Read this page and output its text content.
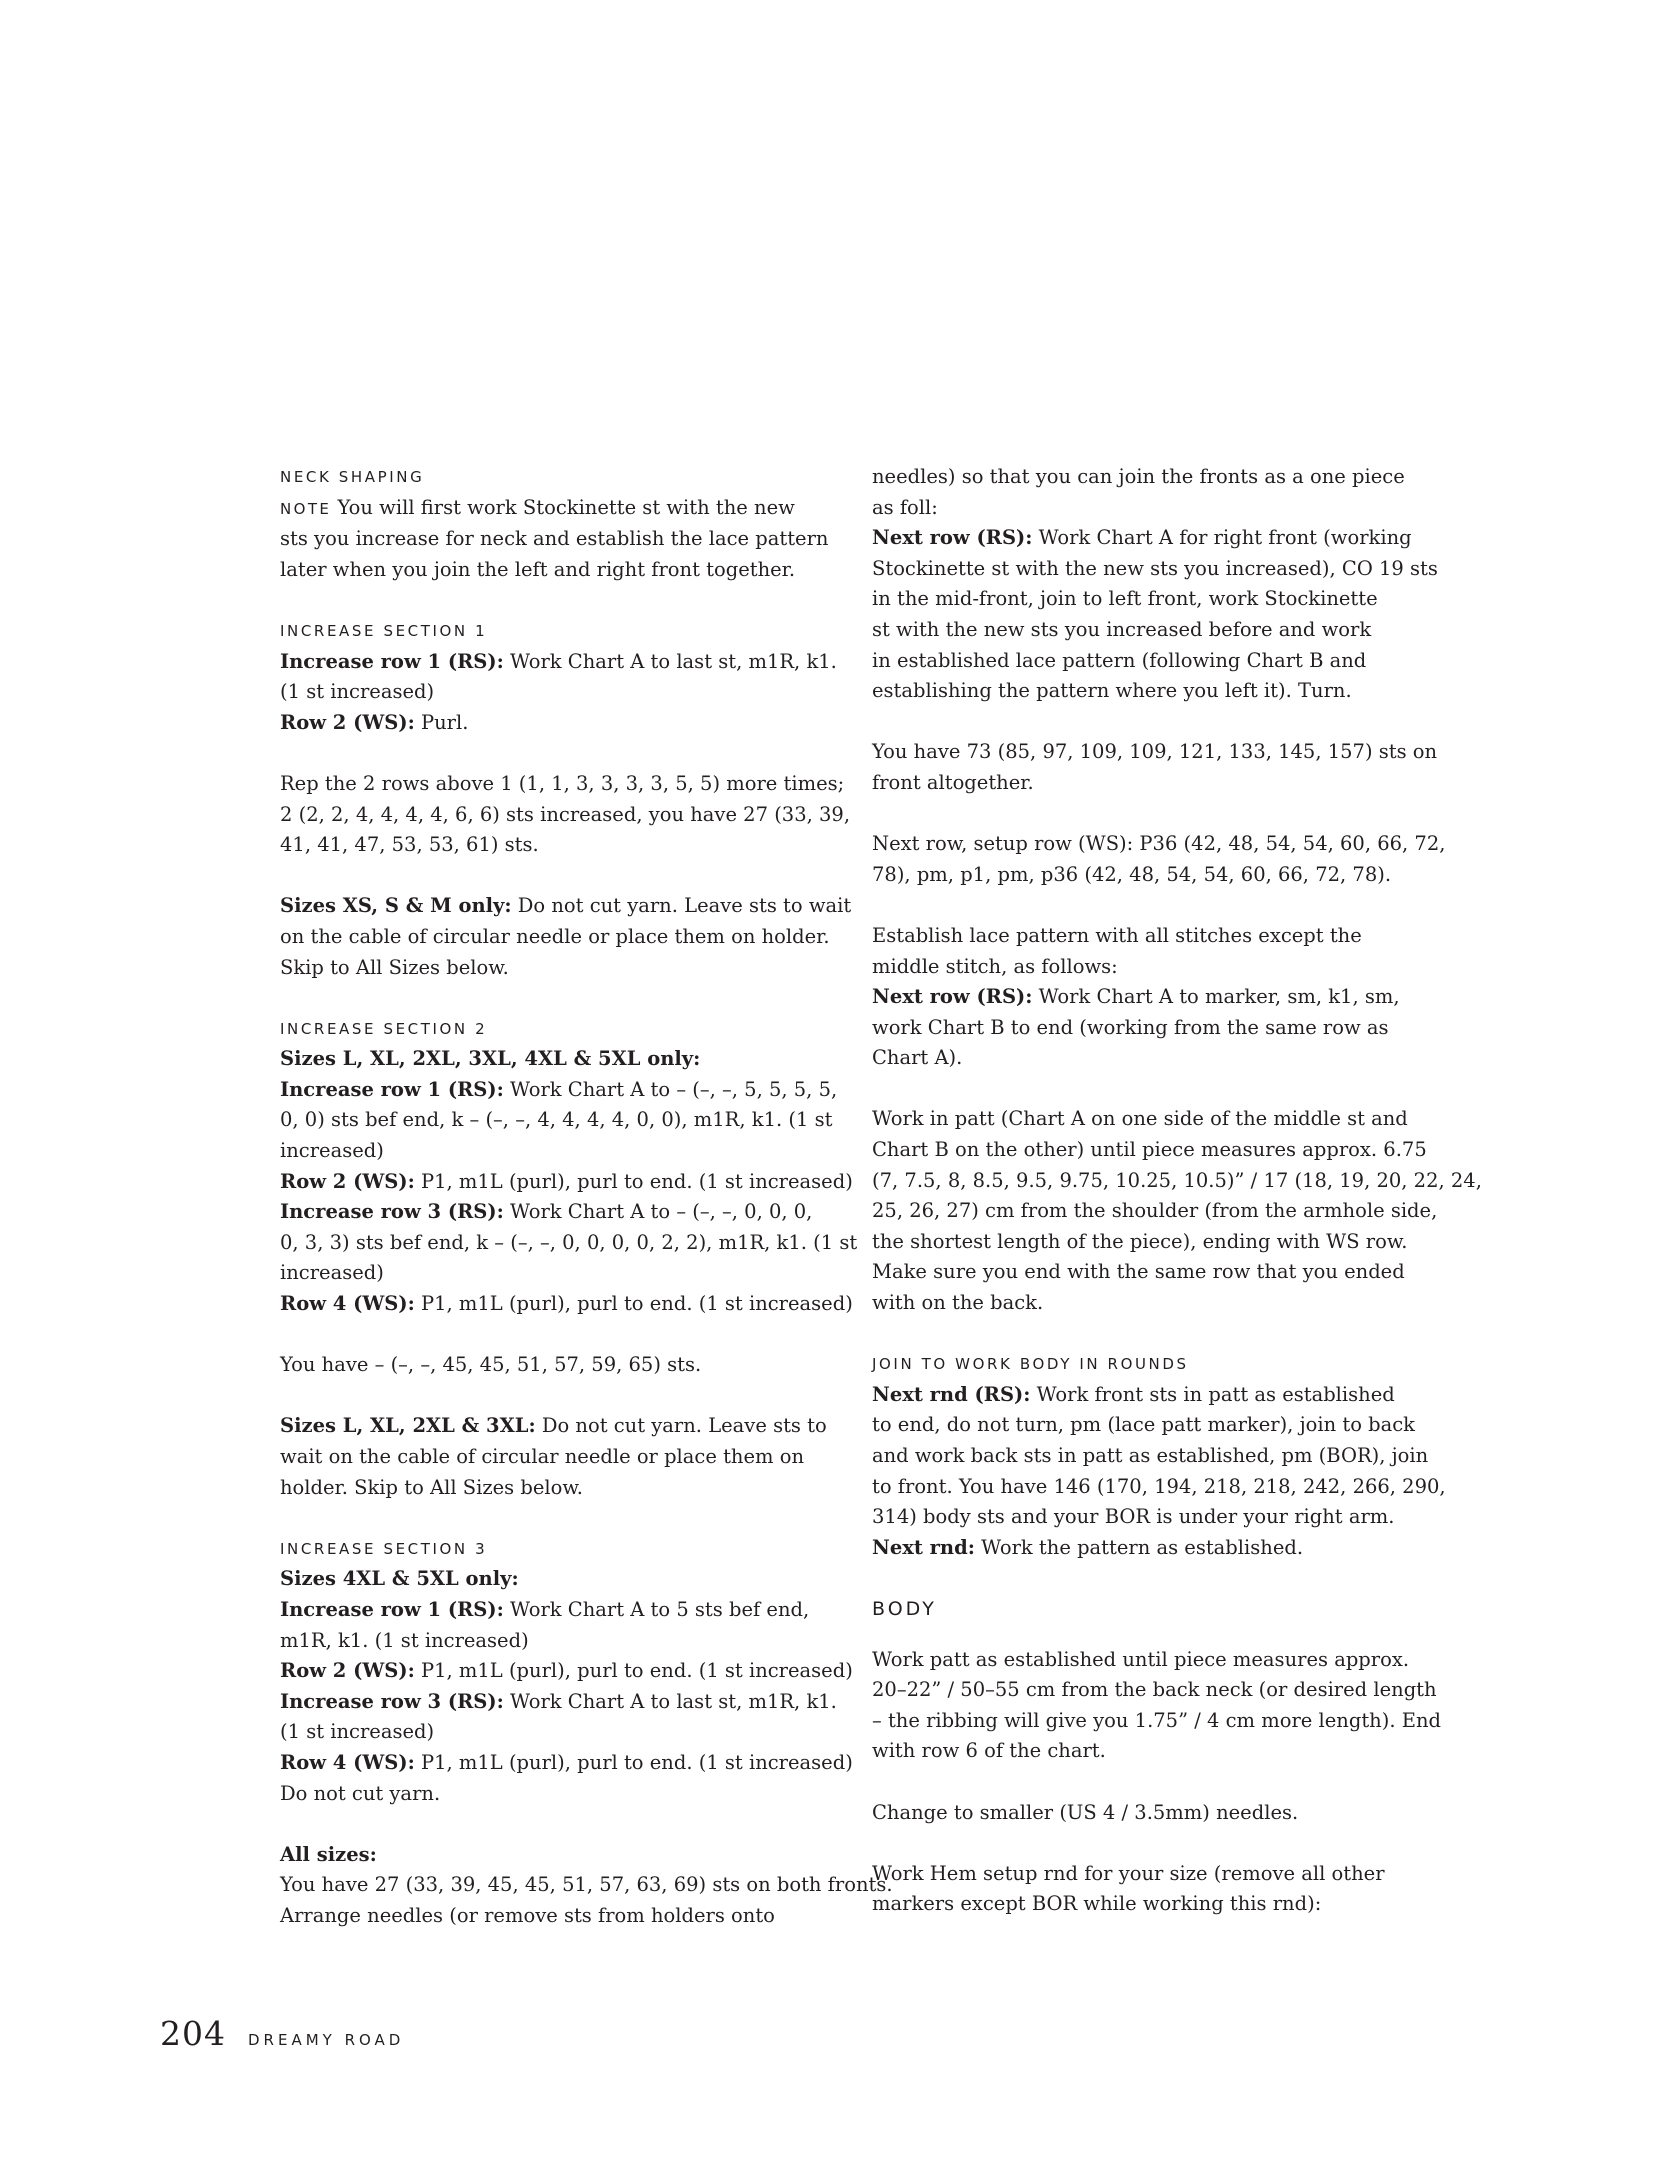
NECK SHAPING

NOTE You will first work Stockinette st with the new

sts you increase for neck and establish the lace pattern

later when you join the left and right front together.

INCREASE SECTION 1

Increase row 1 (RS): Work Chart A to last st, m1R, k1.

(1 st increased)

Row 2 (WS): Purl.

Rep the 2 rows above 1 (1, 1, 3, 3, 3, 3, 5, 5) more times;

2 (2, 2, 4, 4, 4, 4, 6, 6) sts increased, you have 27 (33, 39,

41, 41, 47, 53, 53, 61) sts.

Sizes XS, S & M only: Do not cut yarn. Leave sts to wait

on the cable of circular needle or place them on holder.

Skip to All Sizes below.

INCREASE SECTION 2

Sizes L, XL, 2XL, 3XL, 4XL & 5XL only:

Increase row 1 (RS): Work Chart A to – (–, –, 5, 5, 5, 5,

0, 0) sts bef end, k – (–, –, 4, 4, 4, 4, 0, 0), m1R, k1. (1 st

increased)

Row 2 (WS): P1, m1L (purl), purl to end. (1 st increased)

Increase row 3 (RS): Work Chart A to – (–, –, 0, 0, 0,

0, 3, 3) sts bef end, k – (–, –, 0, 0, 0, 0, 2, 2), m1R, k1. (1 st

increased)

Row 4 (WS): P1, m1L (purl), purl to end. (1 st increased)

You have – (–, –, 45, 45, 51, 57, 59, 65) sts.

Sizes L, XL, 2XL & 3XL: Do not cut yarn. Leave sts to

wait on the cable of circular needle or place them on

holder. Skip to All Sizes below.

INCREASE SECTION 3

Sizes 4XL & 5XL only:

Increase row 1 (RS): Work Chart A to 5 sts bef end,

m1R, k1. (1 st increased)

Row 2 (WS): P1, m1L (purl), purl to end. (1 st increased)

Increase row 3 (RS): Work Chart A to last st, m1R, k1.

(1 st increased)

Row 4 (WS): P1, m1L (purl), purl to end. (1 st increased)

Do not cut yarn.

All sizes:

You have 27 (33, 39, 45, 45, 51, 57, 63, 69) sts on both fronts.

Arrange needles (or remove sts from holders onto

needles) so that you can join the fronts as a one piece

as foll:

Next row (RS): Work Chart A for right front (working

Stockinette st with the new sts you increased), CO 19 sts

in the mid-front, join to left front, work Stockinette

st with the new sts you increased before and work

in established lace pattern (following Chart B and

establishing the pattern where you left it). Turn.

You have 73 (85, 97, 109, 109, 121, 133, 145, 157) sts on

front altogether.

Next row, setup row (WS): P36 (42, 48, 54, 54, 60, 66, 72,

78), pm, p1, pm, p36 (42, 48, 54, 54, 60, 66, 72, 78).

Establish lace pattern with all stitches except the

middle stitch, as follows:

Next row (RS): Work Chart A to marker, sm, k1, sm,

work Chart B to end (working from the same row as

Chart A).

Work in patt (Chart A on one side of the middle st and

Chart B on the other) until piece measures approx. 6.75

(7, 7.5, 8, 8.5, 9.5, 9.75, 10.25, 10.5)” / 17 (18, 19, 20, 22, 24,

25, 26, 27) cm from the shoulder (from the armhole side,

the shortest length of the piece), ending with WS row.

Make sure you end with the same row that you ended

with on the back.

JOIN TO WORK BODY IN ROUNDS

Next rnd (RS): Work front sts in patt as established

to end, do not turn, pm (lace patt marker), join to back

and work back sts in patt as established, pm (BOR), join

to front. You have 146 (170, 194, 218, 218, 242, 266, 290,

314) body sts and your BOR is under your right arm.

Next rnd: Work the pattern as established.

BODY

Work patt as established until piece measures approx.

20–22” / 50–55 cm from the back neck (or desired length

– the ribbing will give you 1.75” / 4 cm more length). End

with row 6 of the chart.

Change to smaller (US 4 / 3.5mm) needles.

Work Hem setup rnd for your size (remove all other

markers except BOR while working this rnd):

204 DREAMY ROAD
